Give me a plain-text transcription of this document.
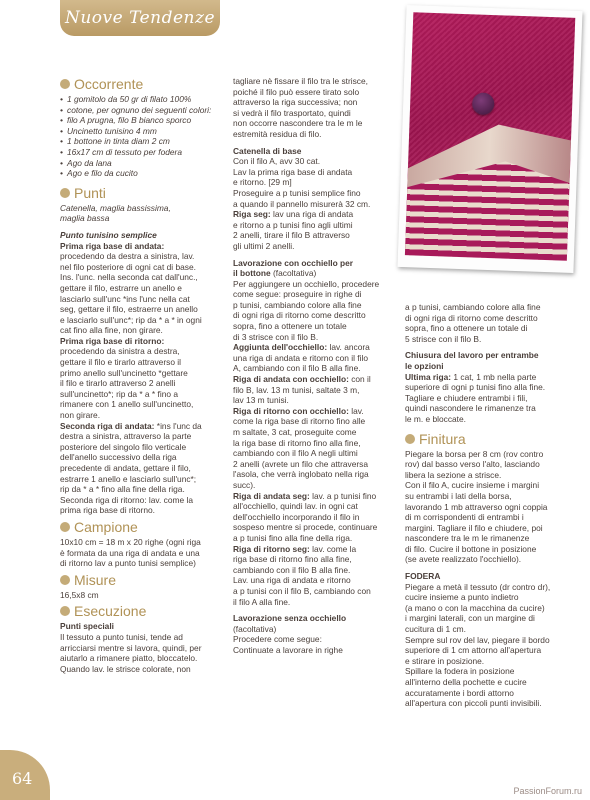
Nuove Tendenze
Occorrente
• 1 gomitolo da 50 gr di filato 100%
• cotone, per ognuno dei seguenti colori:
• filo A prugna, filo B bianco sporco
• Uncinetto tunisino 4 mm
• 1 bottone in tinta diam 2 cm
• 16x17 cm di tessuto per fodera
• Ago da lana
• Ago e filo da cucito
Punti

Catenella, maglia bassissima,
maglia bassa

Punto tunisino semplice

Prima riga base di andata:
procedendo da destra a sinistra, lav.
nel filo posteriore di ogni cat di base.
Ins. l'unc. nella seconda cat dall'unc.,
gettare il filo, estrarre un anello e
lasciarlo sull'unc *ins l'unc nella cat
seg, gettare il filo, estraerre un anello
e lasciarlo sull'unc*; rip da * a * in ogni
cat fino alla fine, non girare.

Prima riga base di ritorno:
procedendo da sinistra a destra,
gettare il filo e tirarlo attraverso il
primo anello sull'uncinetto *gettare
il filo e tirarlo attraverso 2 anelli
sull'uncinetto*; rip da * a * fino a
rimanere con 1 anello sull'uncinetto,
non girare.

Seconda riga di andata: *ins l'unc da
destra a sinistra, attraverso la parte
posteriore del singolo filo verticale
dell'anello successivo della riga
precedente di andata, gettare il filo,
estrarre 1 anello e lasciarlo sull'unc*;
rip da * a * fino alla fine della riga.
Seconda riga di ritorno: lav. come la
prima riga base di ritorno.

Campione

10x10 cm = 18 m x 20 righe (ogni riga
è formata da una riga di andata e una
di ritorno lav a punto tunisi semplice)

Misure

16,5x8 cm

Esecuzione

Punti speciali

Il tessuto a punto tunisi, tende ad
arricciarsi mentre si lavora, quindi, per
aiutarlo a rimanere piatto, bloccatelo.
Quando lav. le strisce colorate, non

tagliare nè fissare il filo tra le strisce,
poiché il filo può essere tirato solo
attraverso la riga successiva; non
si vedrà il filo trasportato, quindi
non occorre nascondere tra le m le
estremità residua di filo.

Catenella di base

Con il filo A, avv 30 cat.
Lav la prima riga base di andata
e ritorno. [29 m]
Proseguire a p tunisi semplice fino
a quando il pannello misurerà 32 cm.
Riga seg: lav una riga di andata
e ritorno a p tunisi fino agli ultimi
2 anelli, tirare il filo B attraverso
gli ultimi 2 anelli.

Lavorazione con occhiello per
il bottone (facoltativa)

Per aggiungere un occhiello, procedere
come segue: proseguire in righe di
p tunisi, cambiando colore alla fine
di ogni riga di ritorno come descritto
sopra, fino a ottenere un totale
di 3 strisce con il filo B.
Aggiunta dell'occhiello: lav. ancora
una riga di andata e ritorno con il filo
A, cambiando con il filo B alla fine.
Riga di andata con occhiello: con il
filo B, lav. 13 m tunisi, saltate 3 m,
lav 13 m tunisi.
Riga di ritorno con occhiello: lav.
come la riga base di ritorno fino alle
m saltate, 3 cat, proseguite come
la riga base di ritorno fino alla fine,
cambiando con il filo A negli ultimi
2 anelli (avrete un filo che attraversa
l'asola, che verrà inglobato nella riga
succ).
Riga di andata seg: lav. a p tunisi fino
all'occhiello, quindi lav. in ogni cat
dell'occhiello incorporando il filo in
sospeso mentre si procede, continuare
a p tunisi fino alla fine della riga.
Riga di ritorno seg: lav. come la
riga base di ritorno fino alla fine,
cambiando con il filo B alla fine.
Lav. una riga di andata e ritorno
a p tunisi con il filo B, cambiando con
il filo A alla fine.

Lavorazione senza occhiello

(facoltativa)
Procedere come segue:
Continuate a lavorare in righe

a p tunisi, cambiando colore alla fine
di ogni riga di ritorno come descritto
sopra, fino a ottenere un totale di
5 strisce con il filo B.

Chiusura del lavoro per entrambe
le opzioni

Ultima riga: 1 cat, 1 mb nella parte
superiore di ogni p tunisi fino alla fine.
Tagliare e chiudere entrambi i fili,
quindi nascondere le rimanenze tra
le m. e bloccate.

Finitura

Piegare la borsa per 8 cm (rov contro
rov) dal basso verso l'alto, lasciando
libera la sezione a strisce.
Con il filo A, cucire insieme i margini
su entrambi i lati della borsa,
lavorando 1 mb attraverso ogni coppia
di m corrispondenti di entrambi i
margini. Tagliare il filo e chiudere, poi
nascondere tra le m le rimanenze
di filo. Cucire il bottone in posizione
(se avete realizzato l'occhiello).

FODERA

Piegare a metà il tessuto (dr contro dr),
cucire insieme a punto indietro
(a mano o con la macchina da cucire)
i margini laterali, con un margine di
cucitura di 1 cm.
Sempre sul rov del lav, piegare il bordo
superiore di 1 cm attorno all'apertura
e stirare in posizione.
Spillare la fodera in posizione
all'interno della pochette e cucire
accuratamente i bordi attorno
all'apertura con piccoli punti invisibili.

64
PassionForum.ru
